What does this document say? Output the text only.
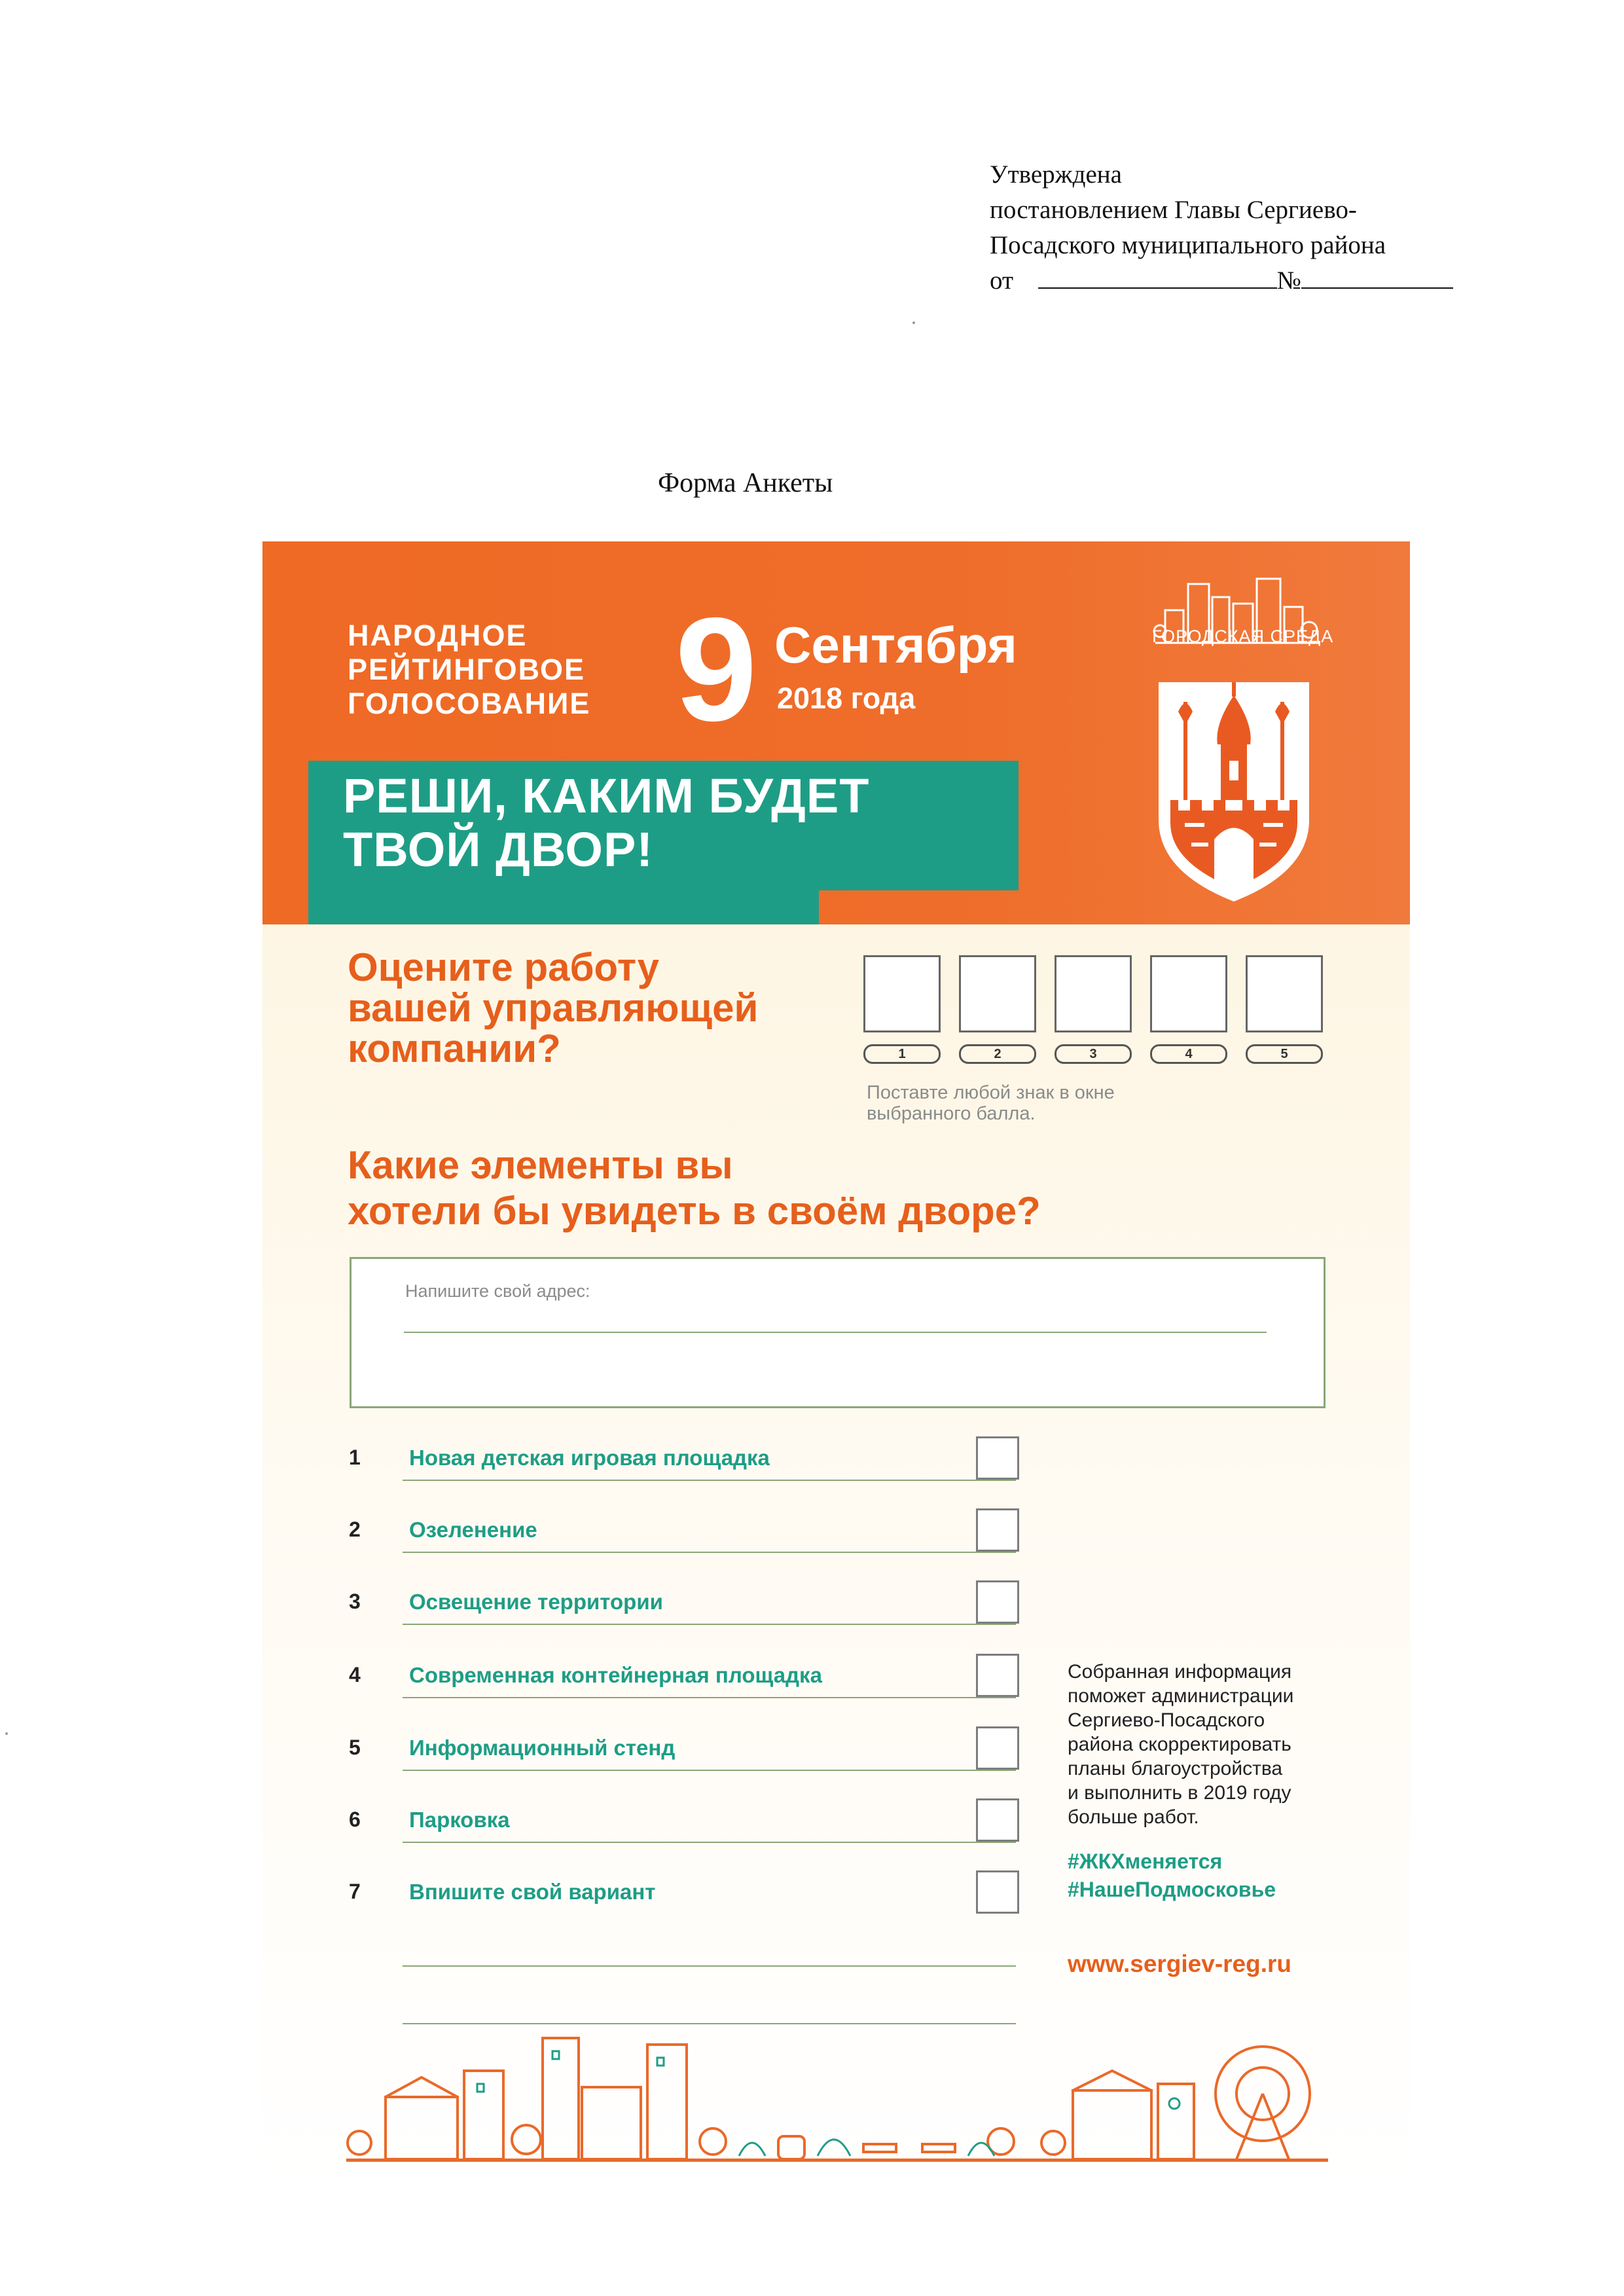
Утверждена
постановлением Главы Сергиево-
Посадского муниципального района
от	№
Форма Анкеты
НАРОДНОЕ
РЕЙТИНГОВОЕ
ГОЛОСОВАНИЕ 9 Сентября
2018 года
РЕШИ, КАКИМ БУДЕТ
ТВОЙ ДВОР!
ГОРОДСКАЯ СРЕДА
Оцените работу
вашей управляющей
компании?	1	2	3	4	5
Поставте любой знак в окне
выбранного балла.
Какие элементы вы
хотели бы увидеть в своём дворе?
Напишите свой адрес:
1 Новая детская игровая площадка
2 Озеленение
3 Освещение территории
4 Современная контейнерная площадка
5 Информационный стенд
6 Парковка
7 Впишите свой вариант
Собранная информация
поможет администрации
Сергиево-Посадского
района скорректировать
планы благоустройства
и выполнить в 2019 году
больше работ.
#ЖКХменяется
#НашеПодмосковье
www.sergiev-reg.ru
